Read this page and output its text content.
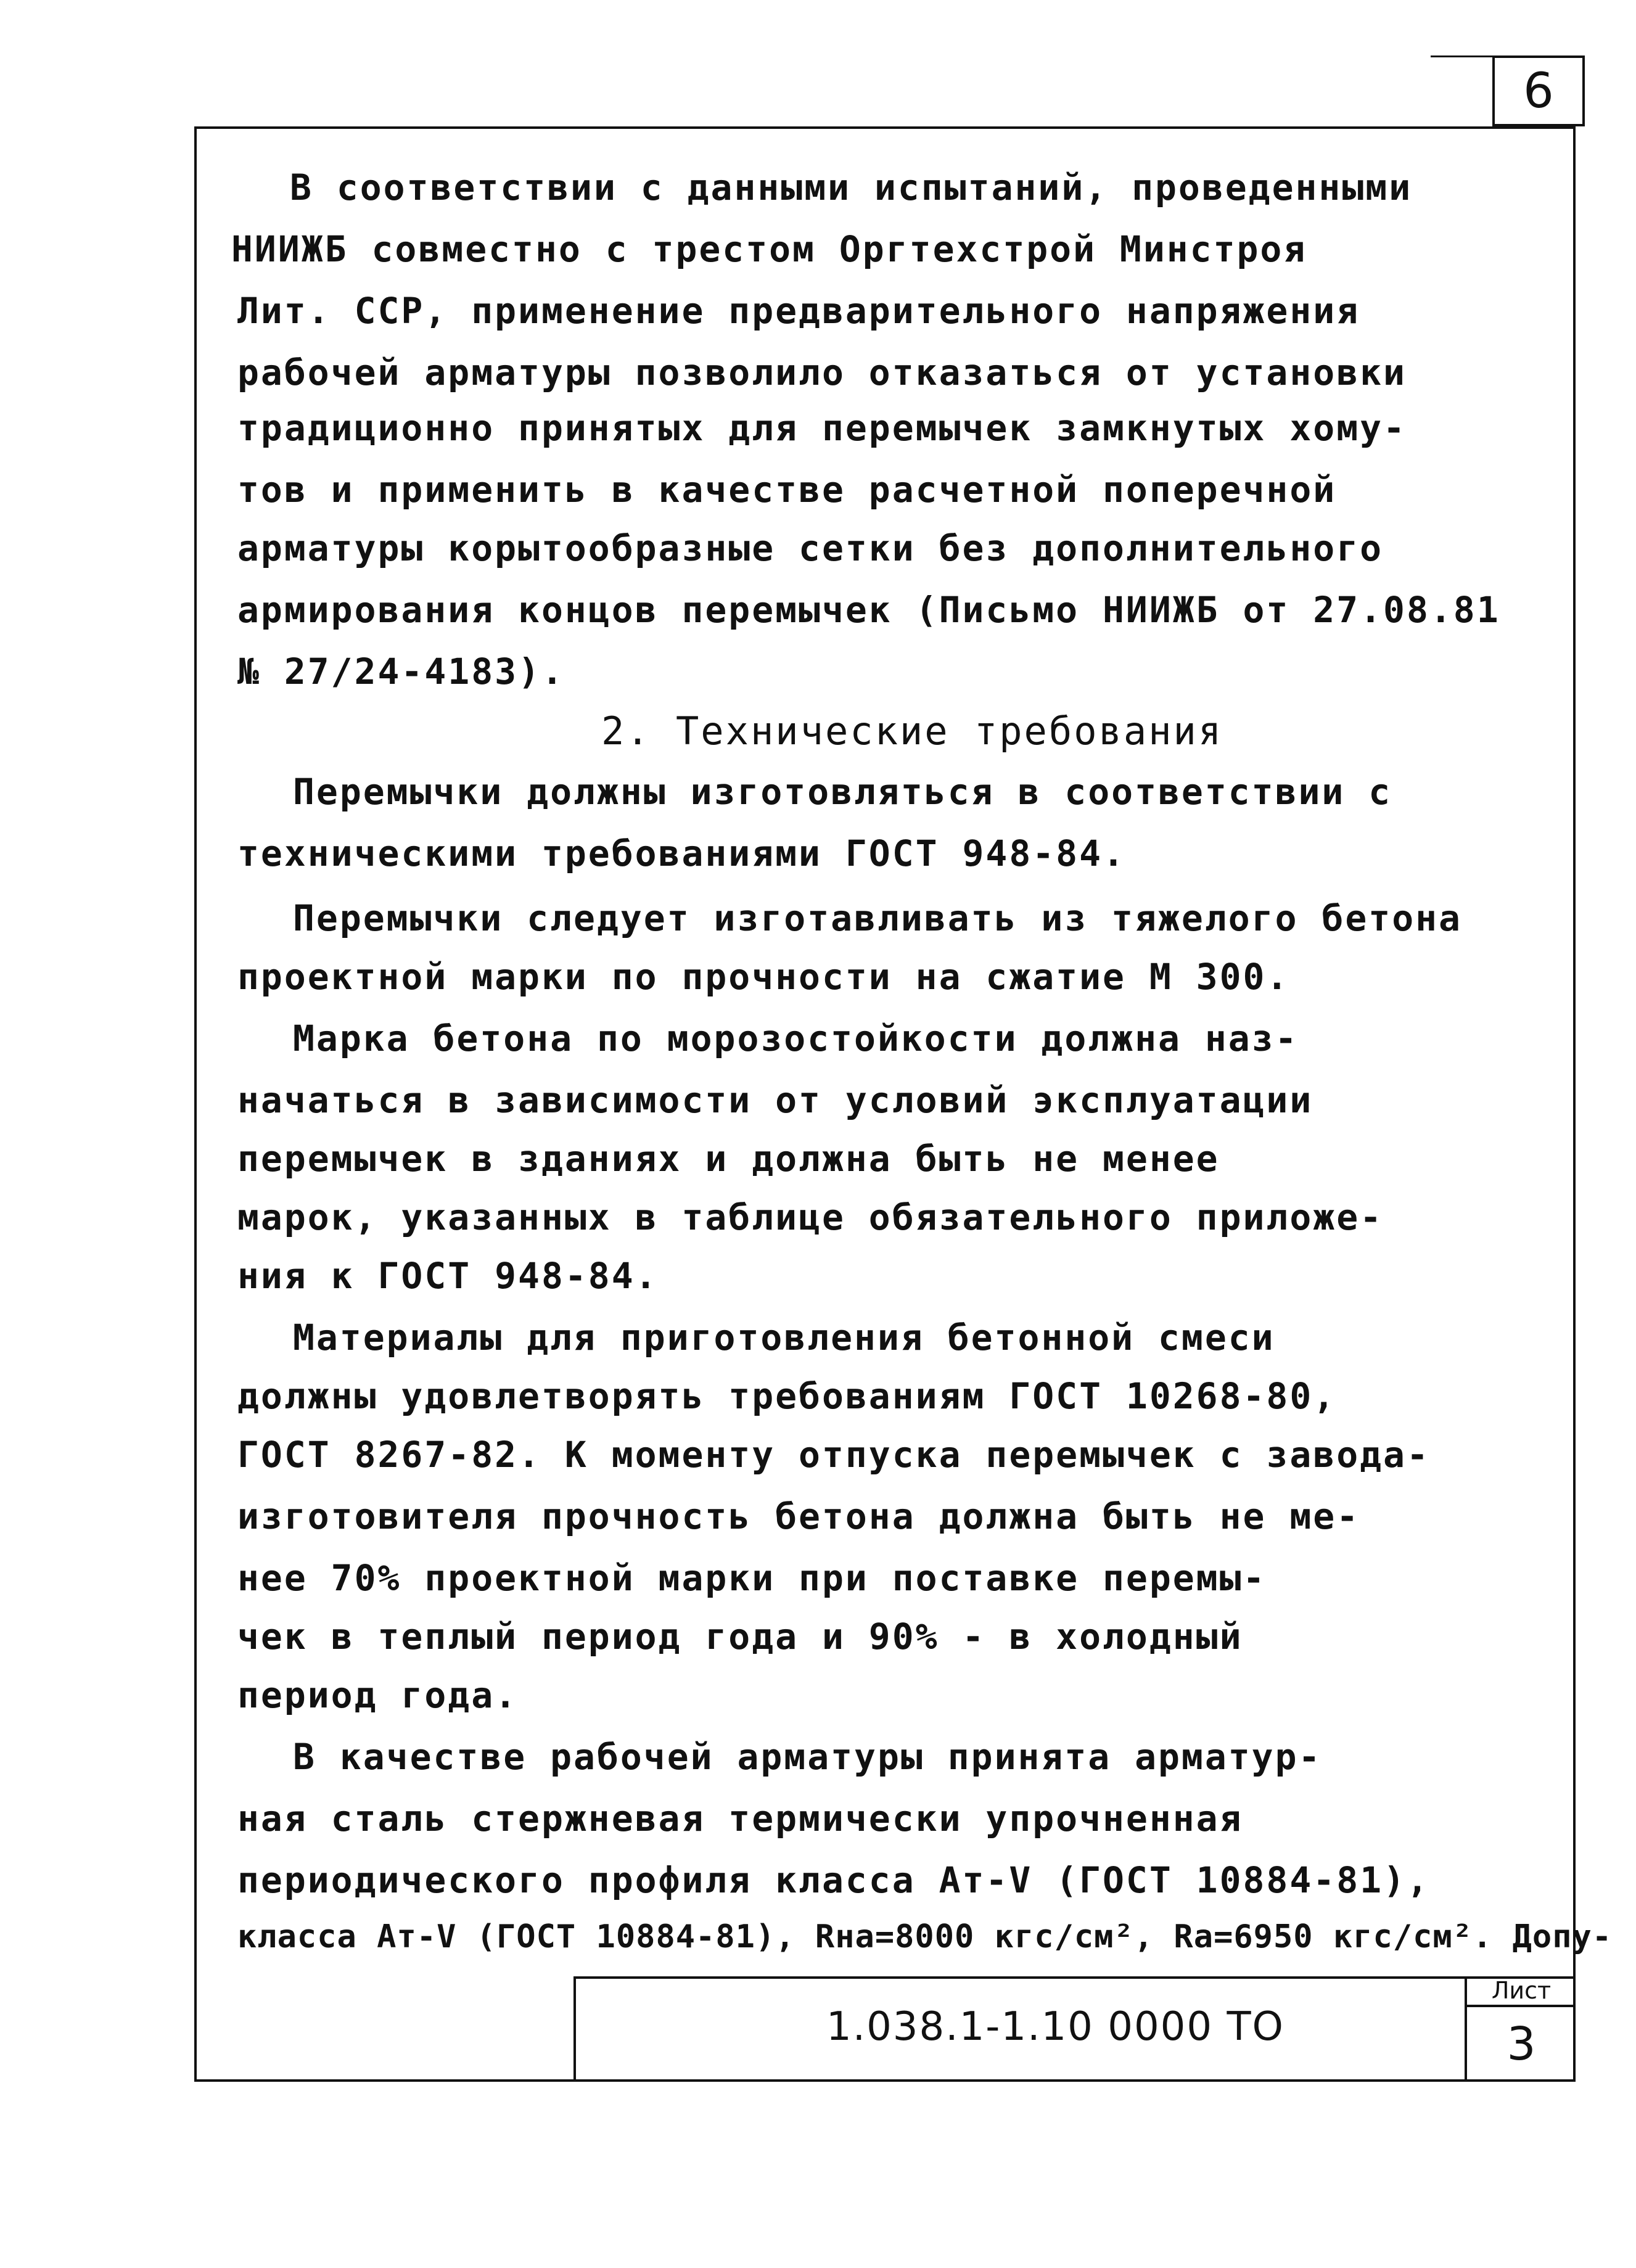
6
В соответствии с данными испытаний, проведенными
НИИЖБ совместно с трестом Оргтехстрой Минстроя
Лит. ССР, применение предварительного напряжения
рабочей арматуры позволило отказаться от установки
традиционно принятых для перемычек замкнутых хому-
тов и применить в качестве расчетной поперечной
арматуры корытообразные сетки без дополнительного
армирования концов перемычек (Письмо НИИЖБ от 27.08.81
№ 27/24-4183).
2. Технические требования
Перемычки должны изготовляться в соответствии с
техническими требованиями ГОСТ 948-84.
Перемычки следует изготавливать из тяжелого бетона
проектной марки по прочности на сжатие М 300.
Марка бетона по морозостойкости должна наз-
начаться в зависимости от условий эксплуатации
перемычек в зданиях и должна быть не менее
марок, указанных в таблице обязательного приложе-
ния к ГОСТ 948-84.
Материалы для приготовления бетонной смеси
должны удовлетворять требованиям ГОСТ 10268-80,
ГОСТ 8267-82. К моменту отпуска перемычек с завода-
изготовителя прочность бетона должна быть не ме-
нее 70% проектной марки при поставке перемы-
чек в теплый период года и 90% - в холодный
период года.
В качестве рабочей арматуры принята арматур-
ная сталь стержневая термически упрочненная
периодического профиля класса Ат-V (ГОСТ 10884-81),
класса Ат-V (ГОСТ 10884-81), Rнa=8000 кгс/см², Ra=6950 кгс/см². Допу-
1.038.1-1.10 0000 ТО
Лист
3
